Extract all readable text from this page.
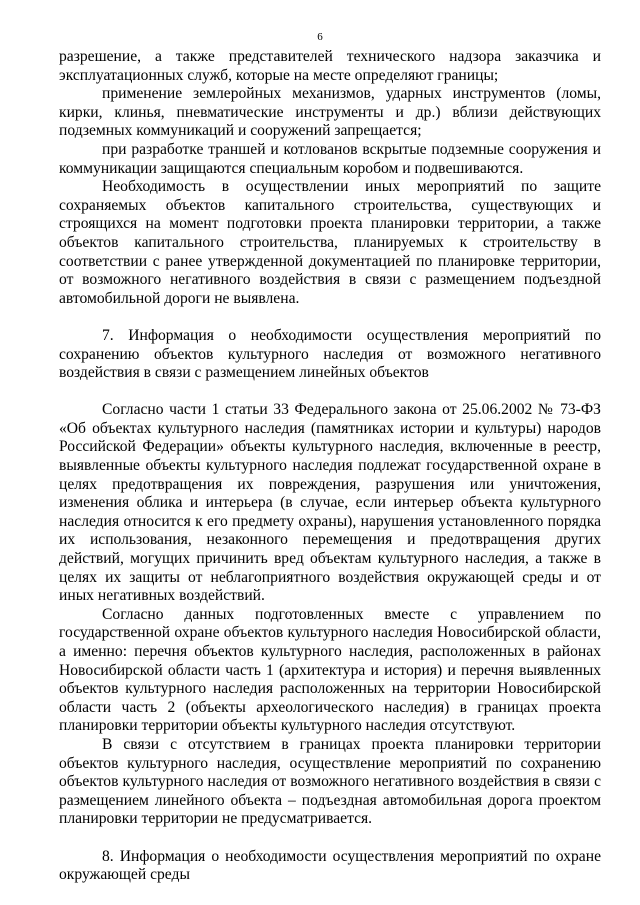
6

разрешение, а также представителей технического надзора заказчика и эксплуатационных служб, которые на месте определяют границы;

применение землеройных механизмов, ударных инструментов (ломы, кирки, клинья, пневматические инструменты и др.) вблизи действующих подземных коммуникаций и сооружений запрещается;

при разработке траншей и котлованов вскрытые подземные сооружения и коммуникации защищаются специальным коробом и подвешиваются.

Необходимость в осуществлении иных мероприятий по защите сохраняемых объектов капитального строительства, существующих и строящихся на момент подготовки проекта планировки территории, а также объектов капитального строительства, планируемых к строительству в соответствии с ранее утвержденной документацией по планировке территории, от возможного негативного воздействия в связи с размещением подъездной автомобильной дороги не выявлена.

7. Информация о необходимости осуществления мероприятий по сохранению объектов культурного наследия от возможного негативного воздействия в связи с размещением линейных объектов

Согласно части 1 статьи 33 Федерального закона от 25.06.2002 № 73-ФЗ «Об объектах культурного наследия (памятниках истории и культуры) народов Российской Федерации» объекты культурного наследия, включенные в реестр, выявленные объекты культурного наследия подлежат государственной охране в целях предотвращения их повреждения, разрушения или уничтожения, изменения облика и интерьера (в случае, если интерьер объекта культурного наследия относится к его предмету охраны), нарушения установленного порядка их использования, незаконного перемещения и предотвращения других действий, могущих причинить вред объектам культурного наследия, а также в целях их защиты от неблагоприятного воздействия окружающей среды и от иных негативных воздействий.

Согласно данных подготовленных вместе с управлением по государственной охране объектов культурного наследия Новосибирской области, а именно: перечня объектов культурного наследия, расположенных в районах Новосибирской области часть 1 (архитектура и история) и перечня выявленных объектов культурного наследия расположенных на территории Новосибирской области часть 2 (объекты археологического наследия) в границах проекта планировки территории объекты культурного наследия отсутствуют.

В связи с отсутствием в границах проекта планировки территории объектов культурного наследия, осуществление мероприятий по сохранению объектов культурного наследия от возможного негативного воздействия в связи с размещением линейного объекта – подъездная автомобильная дорога проектом планировки территории не предусматривается.

8. Информация о необходимости осуществления мероприятий по охране окружающей среды
